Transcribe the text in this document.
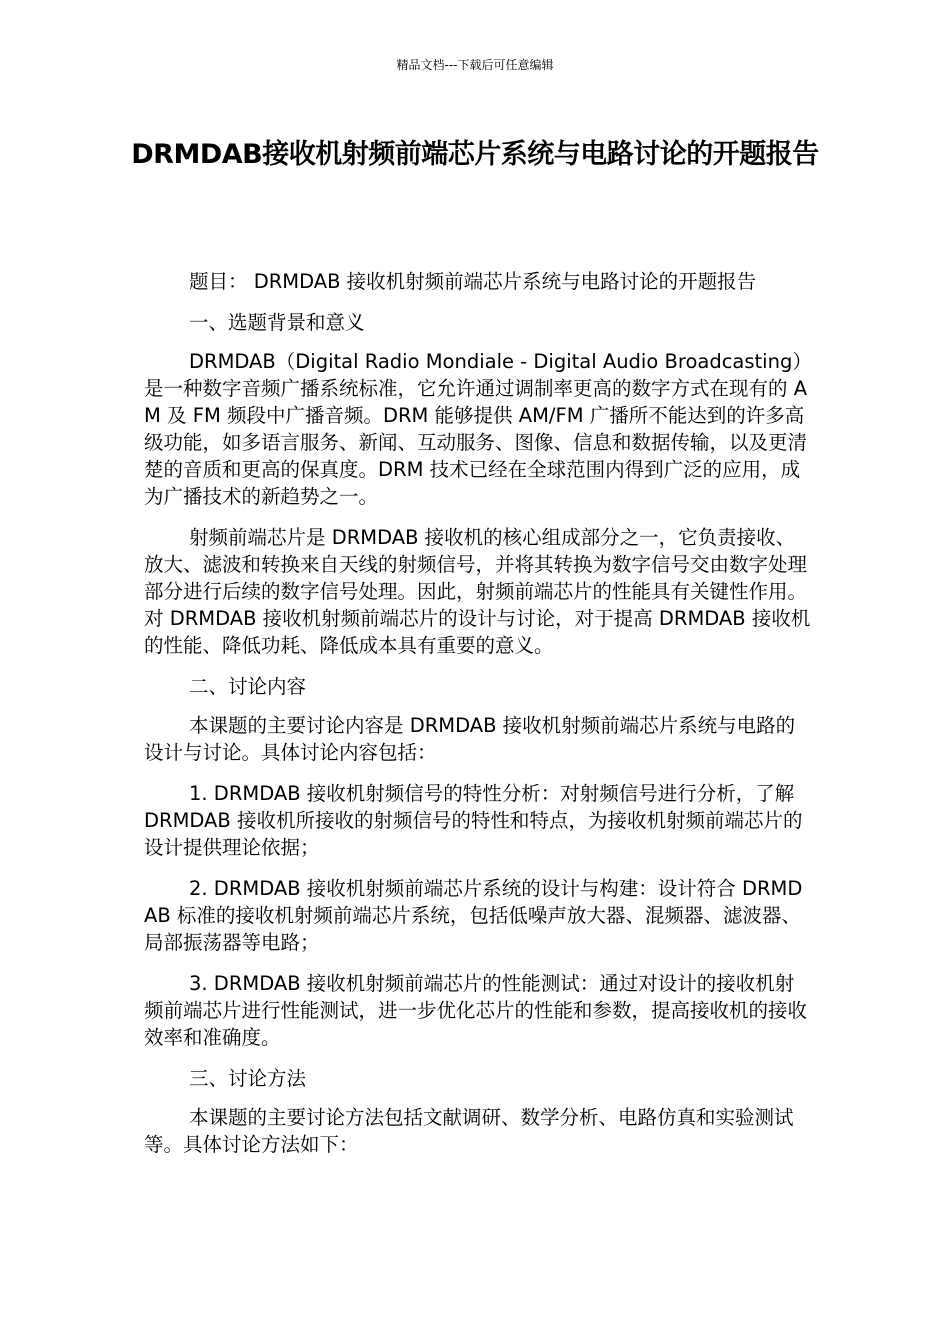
精品文档---下载后可任意编辑
DRMDAB接收机射频前端芯片系统与电路讨论的开题报告

题目： DRMDAB 接收机射频前端芯片系统与电路讨论的开题报告

一、选题背景和意义

DRMDAB（Digital Radio Mondiale - Digital Audio Broadcasting）是一种数字音频广播系统标准，它允许通过调制率更高的数字方式在现有的 AM 及 FM 频段中广播音频。DRM 能够提供 AM/FM 广播所不能达到的许多高级功能，如多语言服务、新闻、互动服务、图像、信息和数据传输，以及更清楚的音质和更高的保真度。DRM 技术已经在全球范围内得到广泛的应用，成为广播技术的新趋势之一。

射频前端芯片是 DRMDAB 接收机的核心组成部分之一，它负责接收、放大、滤波和转换来自天线的射频信号，并将其转换为数字信号交由数字处理部分进行后续的数字信号处理。因此，射频前端芯片的性能具有关键性作用。对 DRMDAB 接收机射频前端芯片的设计与讨论，对于提高 DRMDAB 接收机的性能、降低功耗、降低成本具有重要的意义。

二、讨论内容

本课题的主要讨论内容是 DRMDAB 接收机射频前端芯片系统与电路的设计与讨论。具体讨论内容包括：

1. DRMDAB 接收机射频信号的特性分析：对射频信号进行分析，了解 DRMDAB 接收机所接收的射频信号的特性和特点，为接收机射频前端芯片的设计提供理论依据；

2. DRMDAB 接收机射频前端芯片系统的设计与构建：设计符合 DRMDAB 标准的接收机射频前端芯片系统，包括低噪声放大器、混频器、滤波器、局部振荡器等电路；

3. DRMDAB 接收机射频前端芯片的性能测试：通过对设计的接收机射频前端芯片进行性能测试，进一步优化芯片的性能和参数，提高接收机的接收效率和准确度。

三、讨论方法

本课题的主要讨论方法包括文献调研、数学分析、电路仿真和实验测试等。具体讨论方法如下：
